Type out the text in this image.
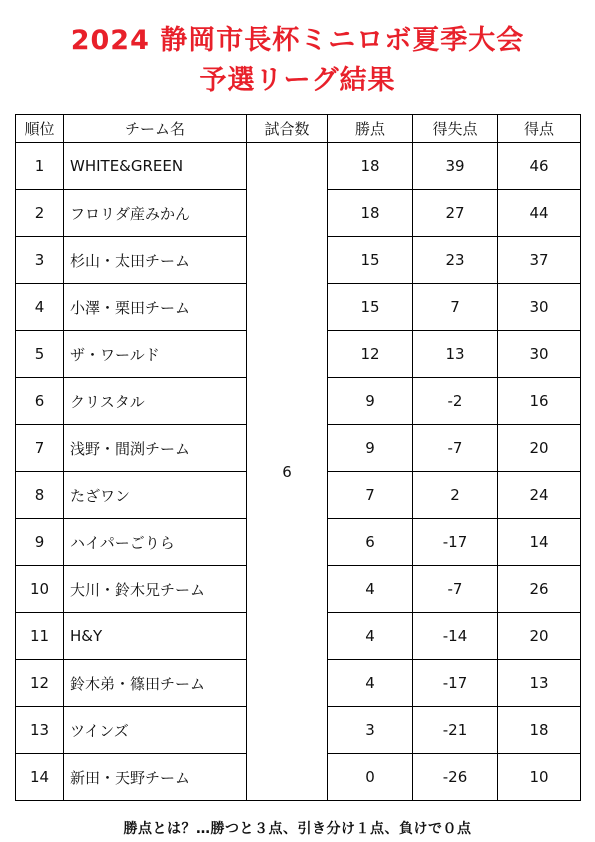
2024 静岡市長杯ミニロボ夏季大会
予選リーグ結果
順位	チーム名	試合数	勝点	得失点	得点
1	WHITE&GREEN	6	18	39	46
2	フロリダ産みかん		18	27	44
3	杉山・太田チーム		15	23	37
4	小澤・栗田チーム		15	7	30
5	ザ・ワールド		12	13	30
6	クリスタル		9	-2	16
7	浅野・間渕チーム		9	-7	20
8	たざワン		7	2	24
9	ハイパーごりら		6	-17	14
10	大川・鈴木兄チーム		4	-7	26
11	H&Y		4	-14	20
12	鈴木弟・篠田チーム		4	-17	13
13	ツインズ		3	-21	18
14	新田・天野チーム		0	-26	10
勝点とは？…勝つと３点、引き分け１点、負けで０点
